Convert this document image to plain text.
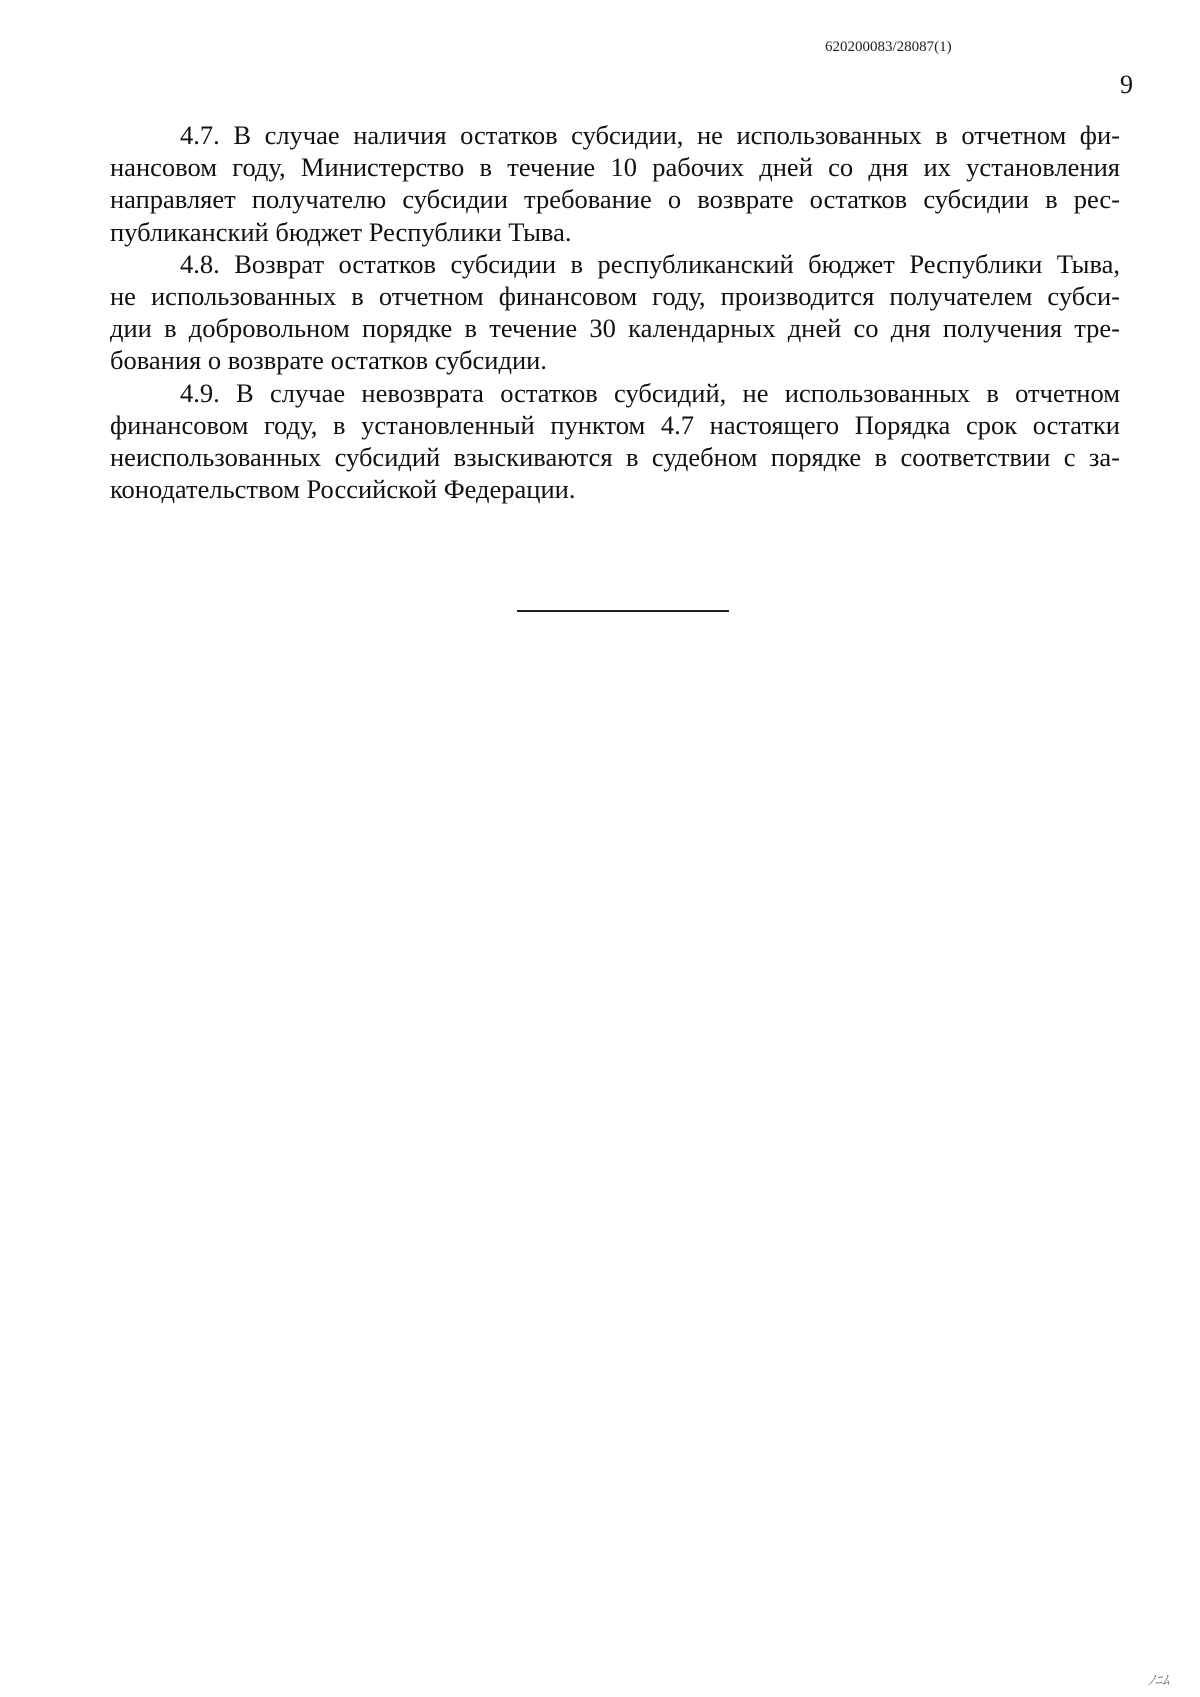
620200083/28087(1)
9

4.7. В случае наличия остатков субсидии, не использованных в отчетном фи-
нансовом году, Министерство в течение 10 рабочих дней со дня их установления
направляет получателю субсидии требование о возврате остатков субсидии в рес-
публиканский бюджет Республики Тыва.

4.8. Возврат остатков субсидии в республиканский бюджет Республики Тыва,
не использованных в отчетном финансовом году, производится получателем субси-
дии в добровольном порядке в течение 30 календарных дней со дня получения тре-
бования о возврате остатков субсидии.

4.9. В случае невозврата остатков субсидий, не использованных в отчетном
финансовом году, в установленный пунктом 4.7 настоящего Порядка срок остатки
неиспользованных субсидий взыскиваются в судебном порядке в соответствии с за-
конодательством Российской Федерации.

ﾉﾆﾑ
